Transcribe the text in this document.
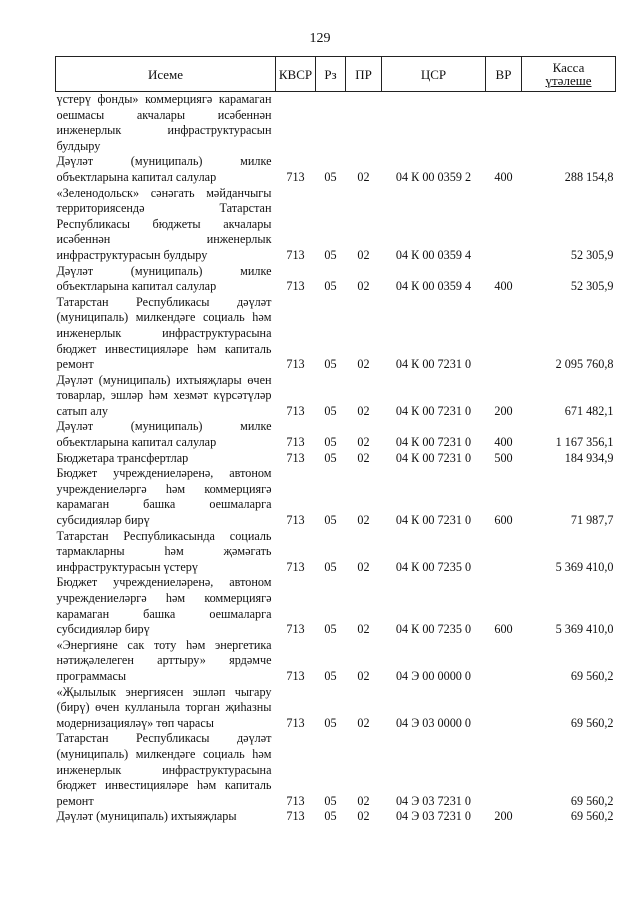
129
Исеме	КВСР	Рз	ПР	ЦСР	ВР	Касса
үтәлеше

үстерү фонды» коммерциягә карамаган оешмасы акчалары исәбеннән инженерлык инфраструктурасын булдыру						
Дәүләт (муниципаль) милке объектларына капитал салулар	713	05	02	04 К 00 0359 2	400	288 154,8
«Зеленодольск» сәнәгать мәйданчыгы территориясендә Татарстан Республикасы бюджеты акчалары исәбеннән инженерлык инфраструктурасын булдыру	713	05	02	04 К 00 0359 4		52 305,9
Дәүләт (муниципаль) милке объектларына капитал салулар	713	05	02	04 К 00 0359 4	400	52 305,9
Татарстан Республикасы дәүләт (муниципаль) милкендәге социаль һәм инженерлык инфраструктурасына бюджет инвестицияләре һәм капиталь ремонт	713	05	02	04 К 00 7231 0		2 095 760,8
Дәүләт (муниципаль) ихтыяҗлары өчен товарлар, эшләр һәм хезмәт күрсәтүләр сатып алу	713	05	02	04 К 00 7231 0	200	671 482,1
Дәүләт (муниципаль) милке объектларына капитал салулар	713	05	02	04 К 00 7231 0	400	1 167 356,1
Бюджетара трансфертлар	713	05	02	04 К 00 7231 0	500	184 934,9
Бюджет учреждениеләренә, автоном учреждениеләргә һәм коммерциягә карамаган башка оешмаларга субсидияләр бирү	713	05	02	04 К 00 7231 0	600	71 987,7
Татарстан Республикасында социаль тармакларны һәм җәмәгать инфраструктурасын үстерү	713	05	02	04 К 00 7235 0		5 369 410,0
Бюджет учреждениеләренә, автоном учреждениеләргә һәм коммерциягә карамаган башка оешмаларга субсидияләр бирү	713	05	02	04 К 00 7235 0	600	5 369 410,0
«Энергияне сак тоту һәм энергетика нәтиҗәлелеген арттыру» ярдәмче программасы	713	05	02	04 Э 00 0000 0		69 560,2
«Җылылык энергиясен эшләп чыгару (бирү) өчен кулланыла торган җиһазны модернизацияләү» төп чарасы	713	05	02	04 Э 03 0000 0		69 560,2
Татарстан Республикасы дәүләт (муниципаль) милкендәге социаль һәм инженерлык инфраструктурасына бюджет инвестицияләре һәм капиталь ремонт	713	05	02	04 Э 03 7231 0		69 560,2
Дәүләт (муниципаль) ихтыяҗлары	713	05	02	04 Э 03 7231 0	200	69 560,2
